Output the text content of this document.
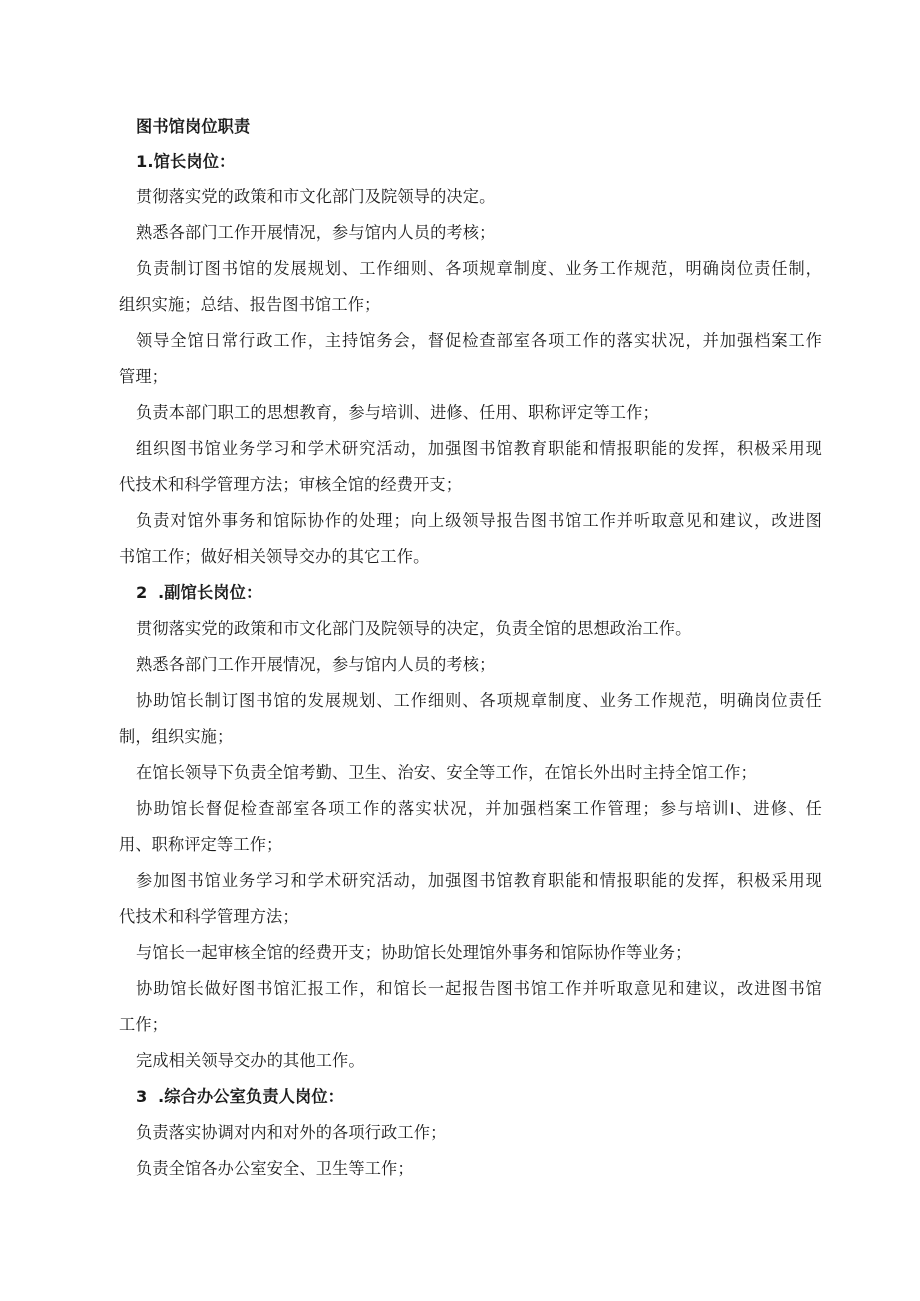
图书馆岗位职责
1.馆长岗位：
贯彻落实党的政策和市文化部门及院领导的决定。
熟悉各部门工作开展情况，参与馆内人员的考核；
负责制订图书馆的发展规划、工作细则、各项规章制度、业务工作规范，明确岗位责任制，
组织实施；总结、报告图书馆工作；
领导全馆日常行政工作，主持馆务会，督促检查部室各项工作的落实状况，并加强档案工作
管理；
负责本部门职工的思想教育，参与培训、进修、任用、职称评定等工作；
组织图书馆业务学习和学术研究活动，加强图书馆教育职能和情报职能的发挥，积极采用现
代技术和科学管理方法；审核全馆的经费开支；
负责对馆外事务和馆际协作的处理；向上级领导报告图书馆工作并听取意见和建议，改进图
书馆工作；做好相关领导交办的其它工作。
2 .副馆长岗位：
贯彻落实党的政策和市文化部门及院领导的决定，负责全馆的思想政治工作。
熟悉各部门工作开展情况，参与馆内人员的考核；
协助馆长制订图书馆的发展规划、工作细则、各项规章制度、业务工作规范，明确岗位责任
制，组织实施；
在馆长领导下负责全馆考勤、卫生、治安、安全等工作，在馆长外出时主持全馆工作；
协助馆长督促检查部室各项工作的落实状况，并加强档案工作管理；参与培训Ⅰ、进修、任
用、职称评定等工作；
参加图书馆业务学习和学术研究活动，加强图书馆教育职能和情报职能的发挥，积极采用现
代技术和科学管理方法；
与馆长一起审核全馆的经费开支；协助馆长处理馆外事务和馆际协作等业务；
协助馆长做好图书馆汇报工作，和馆长一起报告图书馆工作并听取意见和建议，改进图书馆
工作；
完成相关领导交办的其他工作。
3 .综合办公室负责人岗位：
负责落实协调对内和对外的各项行政工作；
负责全馆各办公室安全、卫生等工作；
